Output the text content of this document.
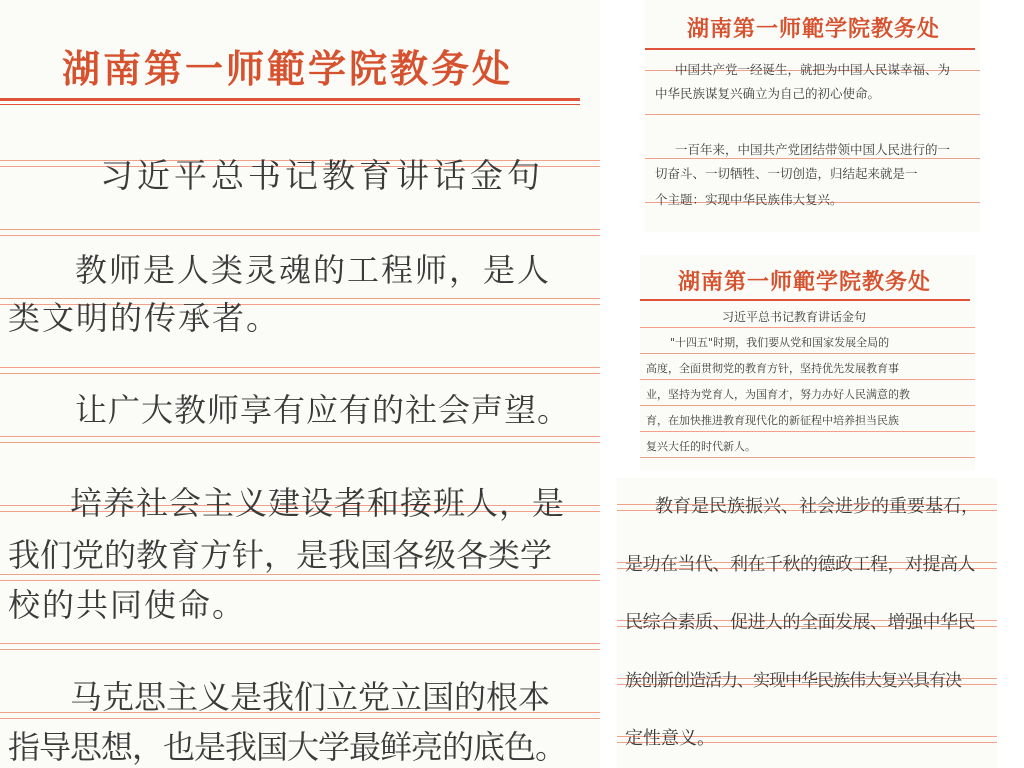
湖南第一师範学院教务处
习近平总书记教育讲话金句
教师是人类灵魂的工程师，是人
类文明的传承者。
让广大教师享有应有的社会声望。
培养社会主义建设者和接班人，是
我们党的教育方针，是我国各级各类学
校的共同使命。
马克思主义是我们立党立国的根本
指导思想，也是我国大学最鲜亮的底色。
湖南第一师範学院教务处
中国共产党一经诞生，就把为中国人民谋幸福、为
中华民族谋复兴确立为自己的初心使命。
一百年来，中国共产党团结带领中国人民进行的一
切奋斗、一切牺牲、一切创造，归结起来就是一
个主题：实现中华民族伟大复兴。
湖南第一师範学院教务处
习近平总书记教育讲话金句
"十四五"时期，我们要从党和国家发展全局的
高度，全面贯彻党的教育方针，坚持优先发展教育事
业，坚持为党育人，为国育才，努力办好人民满意的教
育，在加快推进教育现代化的新征程中培养担当民族
复兴大任的时代新人。
教育是民族振兴、社会进步的重要基石，
是功在当代、利在千秋的德政工程，对提高人
民综合素质、促进人的全面发展、增强中华民
族创新创造活力、实现中华民族伟大复兴具有决
定性意义。
